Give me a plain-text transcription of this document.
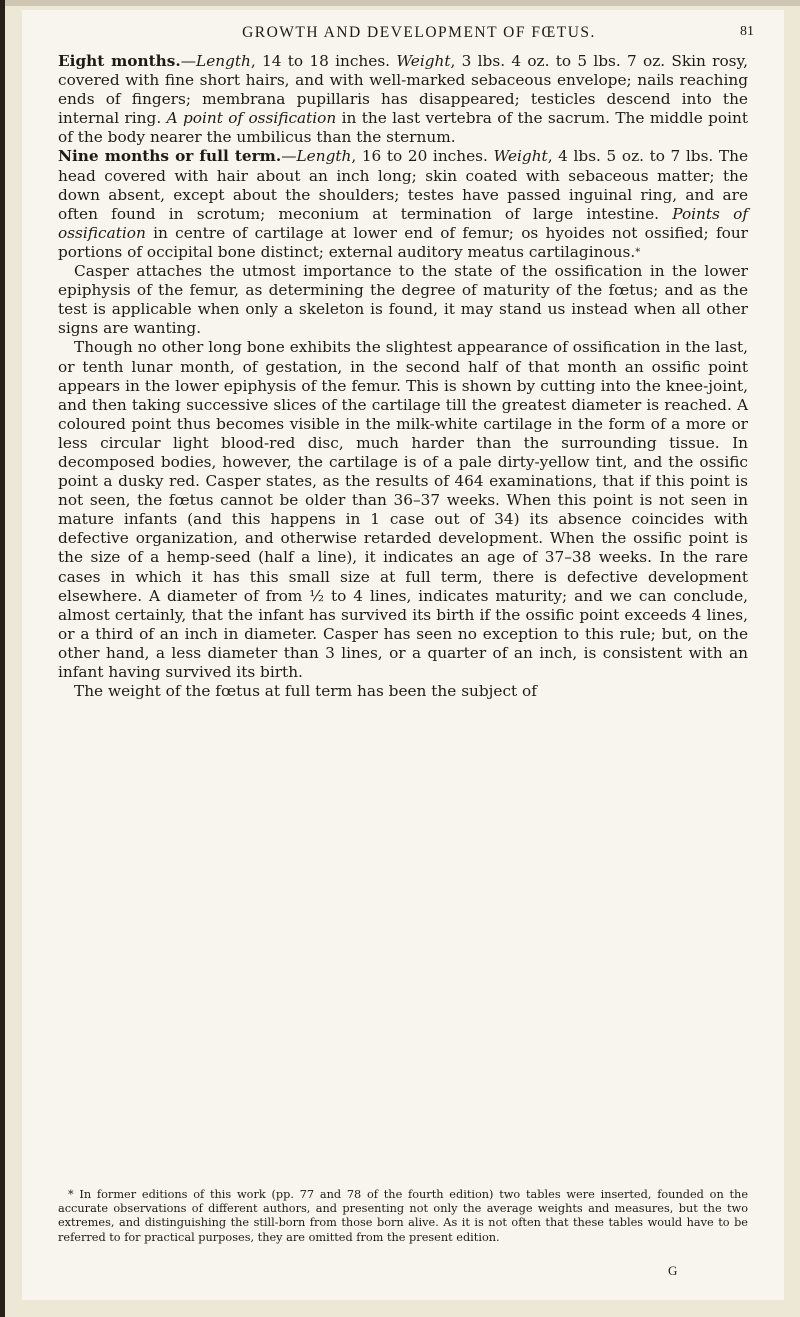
GROWTH AND DEVELOPMENT OF FŒTUS.	81

Eight months.—Length, 14 to 18 inches. Weight, 3 lbs. 4 oz. to 5 lbs. 7 oz. Skin rosy, covered with fine short hairs, and with well-marked sebaceous envelope; nails reaching ends of fingers; membrana pupillaris has disappeared; testicles descend into the internal ring. A point of ossification in the last vertebra of the sacrum. The middle point of the body nearer the umbilicus than the sternum.

Nine months or full term.—Length, 16 to 20 inches. Weight, 4 lbs. 5 oz. to 7 lbs. The head covered with hair about an inch long; skin coated with sebaceous matter; the down absent, except about the shoulders; testes have passed inguinal ring, and are often found in scrotum; meconium at termination of large intestine. Points of ossification in centre of cartilage at lower end of femur; os hyoides not ossified; four portions of occipital bone distinct; external auditory meatus cartilaginous.*

Casper attaches the utmost importance to the state of the ossification in the lower epiphysis of the femur, as determining the degree of maturity of the fœtus; and as the test is applicable when only a skeleton is found, it may stand us instead when all other signs are wanting.

Though no other long bone exhibits the slightest appearance of ossification in the last, or tenth lunar month, of gestation, in the second half of that month an ossific point appears in the lower epiphysis of the femur. This is shown by cutting into the knee-joint, and then taking successive slices of the cartilage till the greatest diameter is reached. A coloured point thus becomes visible in the milk-white cartilage in the form of a more or less circular light blood-red disc, much harder than the surrounding tissue. In decomposed bodies, however, the cartilage is of a pale dirty-yellow tint, and the ossific point a dusky red. Casper states, as the results of 464 examinations, that if this point is not seen, the fœtus cannot be older than 36–37 weeks. When this point is not seen in mature infants (and this happens in 1 case out of 34) its absence coincides with defective organization, and otherwise retarded development. When the ossific point is the size of a hemp-seed (half a line), it indicates an age of 37–38 weeks. In the rare cases in which it has this small size at full term, there is defective development elsewhere. A diameter of from ½ to 4 lines, indicates maturity; and we can conclude, almost certainly, that the infant has survived its birth if the ossific point exceeds 4 lines, or a third of an inch in diameter. Casper has seen no exception to this rule; but, on the other hand, a less diameter than 3 lines, or a quarter of an inch, is consistent with an infant having survived its birth.

The weight of the fœtus at full term has been the subject of

* In former editions of this work (pp. 77 and 78 of the fourth edition) two tables were inserted, founded on the accurate observations of different authors, and presenting not only the average weights and measures, but the two extremes, and distinguishing the still-born from those born alive. As it is not often that these tables would have to be referred to for practical purposes, they are omitted from the present edition.
G
